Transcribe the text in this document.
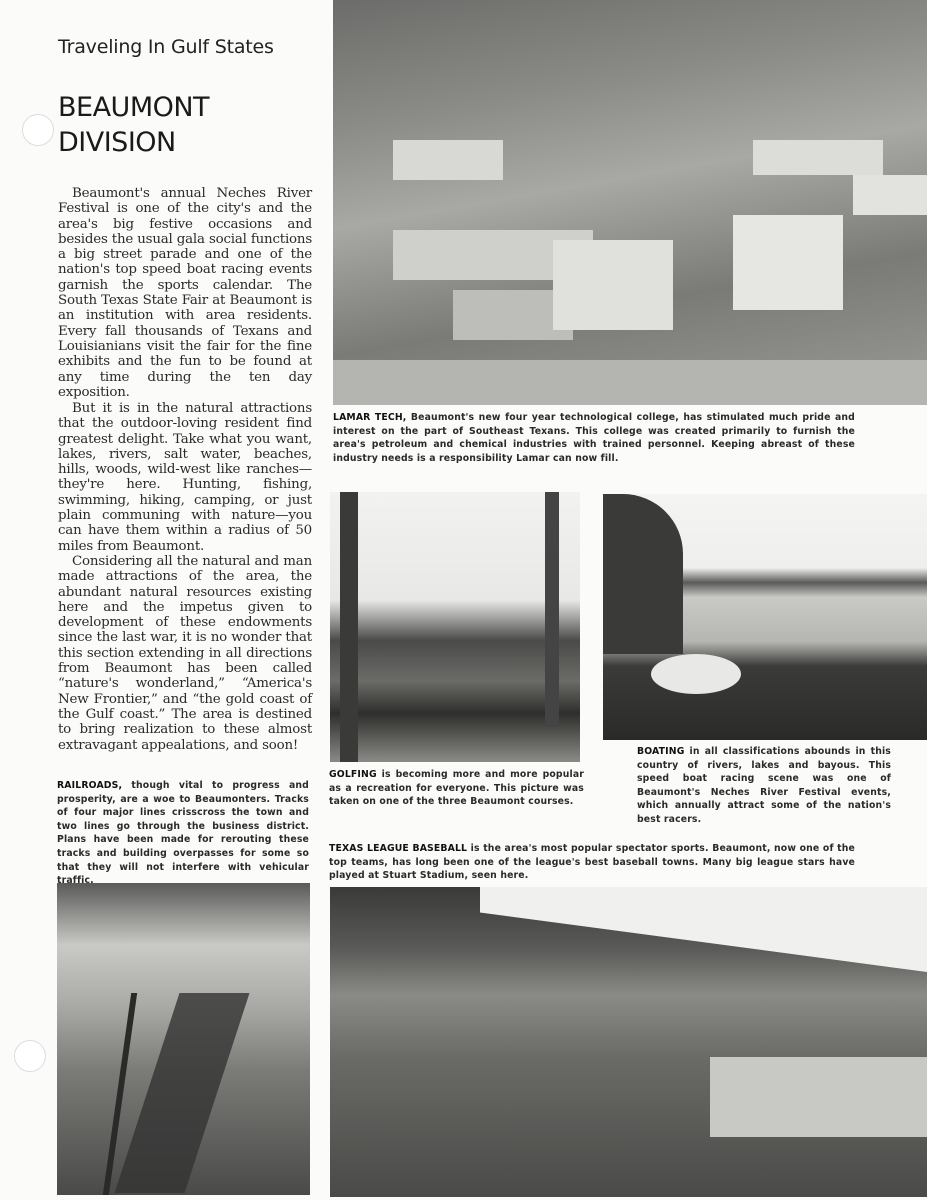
Traveling In Gulf States
BEAUMONT
DIVISION

Beaumont's annual Neches River Festival is one of the city's and the area's big festive occasions and besides the usual gala social functions a big street parade and one of the nation's top speed boat racing events garnish the sports calendar. The South Texas State Fair at Beaumont is an institution with area residents. Every fall thousands of Texans and Louisianians visit the fair for the fine exhibits and the fun to be found at any time during the ten day exposition.

But it is in the natural attractions that the outdoor-loving resident find greatest delight. Take what you want, lakes, rivers, salt water, beaches, hills, woods, wild-west like ranches—they're here. Hunting, fishing, swimming, hiking, camping, or just plain communing with nature—you can have them within a radius of 50 miles from Beaumont.

Considering all the natural and man made attractions of the area, the abundant natural resources existing here and the impetus given to development of these endowments since the last war, it is no wonder that this section extending in all directions from Beaumont has been called “nature's wonderland,” “America's New Frontier,” and “the gold coast of the Gulf coast.” The area is destined to bring realization to these almost extravagant appealations, and soon!

LAMAR TECH, Beaumont's new four year technological college, has stimulated much pride and interest on the part of Southeast Texans. This college was created primarily to furnish the area's petroleum and chemical industries with trained personnel. Keeping abreast of these industry needs is a responsibility Lamar can now fill.

GOLFING is becoming more and more popular as a recreation for everyone. This picture was taken on one of the three Beaumont courses.

BOATING in all classifications abounds in this country of rivers, lakes and bayous. This speed boat racing scene was one of Beaumont's Neches River Festival events, which annually attract some of the nation's best racers.

RAILROADS, though vital to progress and prosperity, are a woe to Beaumonters. Tracks of four major lines crisscross the town and two lines go through the business district. Plans have been made for rerouting these tracks and building overpasses for some so that they will not interfere with vehicular traffic.

TEXAS LEAGUE BASEBALL is the area's most popular spectator sports. Beaumont, now one of the top teams, has long been one of the league's best baseball towns. Many big league stars have played at Stuart Stadium, seen here.
